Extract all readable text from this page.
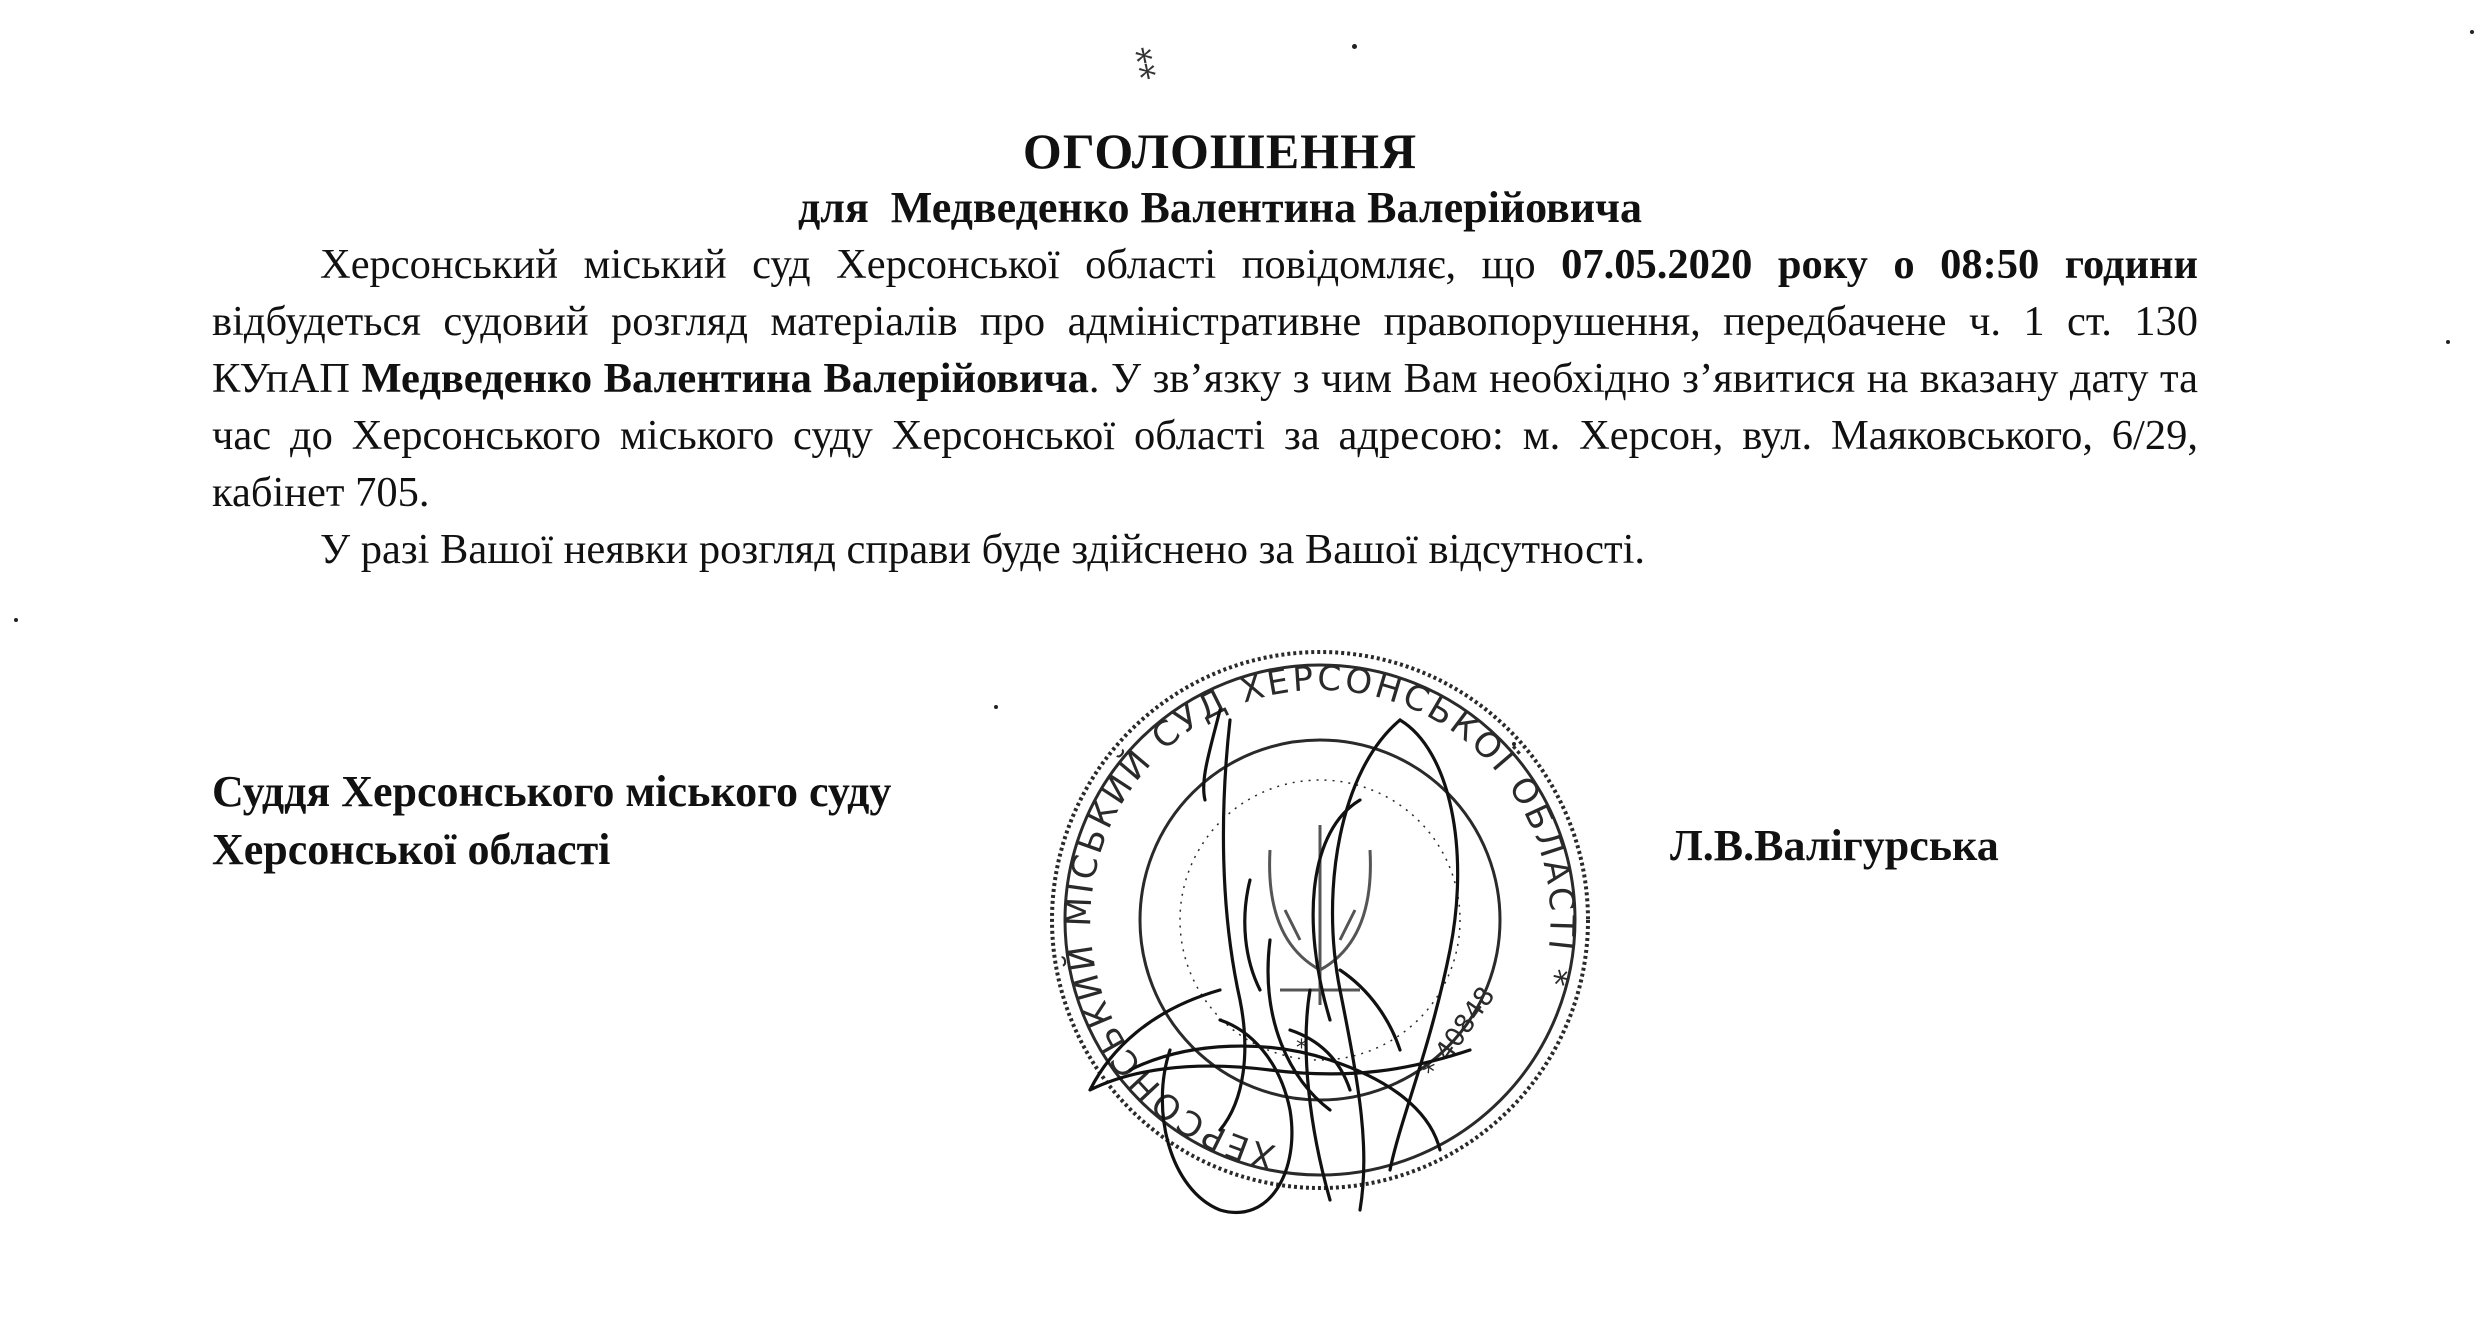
⁑
ОГОЛОШЕННЯ
для Медведенко Валентина Валерійовича

Херсонський міський суд Херсонської області повідомляє, що 07.05.2020 року о 08:50 години відбудеться судовий розгляд матеріалів про адміністративне правопорушення, передбачене ч. 1 ст. 130 КУпАП Медведенко Валентина Валерійовича. У зв’язку з чим Вам необхідно з’явитися на вказану дату та час до Херсонського міського суду Херсонської області за адресою: м. Херсон, вул. Маяковського, 6/29, кабінет 705.

У разі Вашої неявки розгляд справи буде здійснено за Вашої відсутності.

Суддя Херсонського міського суду
Херсонської області	Л.В.Валігурська
ХЕРСОНСЬКИЙ МІСЬКИЙ СУД ХЕРСОНСЬКОЇ ОБЛАСТІ *
* 40848
*
